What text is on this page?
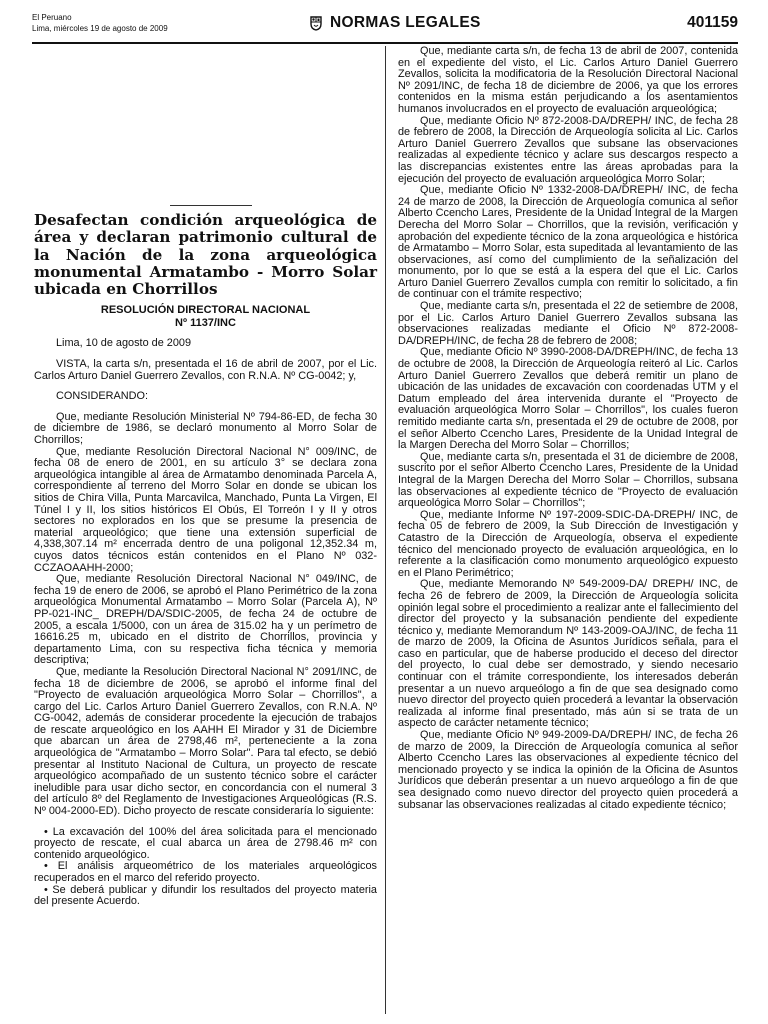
El Peruano
Lima, miércoles 19 de agosto de 2009	NORMAS LEGALES	401159
Desafectan condición arqueológica de área y declaran patrimonio cultural de la Nación de la zona arqueológica monumental Armatambo - Morro Solar ubicada en Chorrillos
RESOLUCIÓN DIRECTORAL NACIONAL
Nº 1137/INC

Lima, 10 de agosto de 2009

VISTA, la carta s/n, presentada el 16 de abril de 2007, por el Lic. Carlos Arturo Daniel Guerrero Zevallos, con R.N.A. Nº CG-0042; y,

CONSIDERANDO:

Que, mediante Resolución Ministerial Nº 794-86-ED, de fecha 30 de diciembre de 1986, se declaró monumento al Morro Solar de Chorrillos;

Que, mediante Resolución Directoral Nacional N° 009/INC, de fecha 08 de enero de 2001, en su artículo 3° se declara zona arqueológica intangible al área de Armatambo denominada Parcela A, correspondiente al terreno del Morro Solar en donde se ubican los sitios de Chira Villa, Punta Marcavilca, Manchado, Punta La Virgen, El Túnel I y II, los sitios históricos El Obús, El Torreón I y II y otros sectores no explorados en los que se presume la presencia de material arqueológico; que tiene una extensión superficial de 4,338,307.14 m² encerrada dentro de una poligonal 12,352.34 m, cuyos datos técnicos están contenidos en el Plano Nº 032-CCZAOAAHH-2000;

Que, mediante Resolución Directoral Nacional N° 049/INC, de fecha 19 de enero de 2006, se aprobó el Plano Perimétrico de la zona arqueológica Monumental Armatambo – Morro Solar (Parcela A), Nº PP-021-INC_ DREPH/DA/SDIC-2005, de fecha 24 de octubre de 2005, a escala 1/5000, con un área de 315.02 ha y un perímetro de 16616.25 m, ubicado en el distrito de Chorrillos, provincia y departamento Lima, con su respectiva ficha técnica y memoria descriptiva;

Que, mediante la Resolución Directoral Nacional N° 2091/INC, de fecha 18 de diciembre de 2006, se aprobó el informe final del "Proyecto de evaluación arqueológica Morro Solar – Chorrillos", a cargo del Lic. Carlos Arturo Daniel Guerrero Zevallos, con R.N.A. Nº CG-0042, además de considerar procedente la ejecución de trabajos de rescate arqueológico en los AAHH El Mirador y 31 de Diciembre que abarcan un área de 2798,46 m², perteneciente a la zona arqueológica de "Armatambo – Morro Solar". Para tal efecto, se debió presentar al Instituto Nacional de Cultura, un proyecto de rescate arqueológico acompañado de un sustento técnico sobre el carácter ineludible para usar dicho sector, en concordancia con el numeral 3 del artículo 8º del Reglamento de Investigaciones Arqueológicas (R.S. Nº 004-2000-ED). Dicho proyecto de rescate consideraría lo siguiente:

• La excavación del 100% del área solicitada para el mencionado proyecto de rescate, el cual abarca un área de 2798.46 m² con contenido arqueológico.

• El análisis arqueométrico de los materiales arqueológicos recuperados en el marco del referido proyecto.

• Se deberá publicar y difundir los resultados del proyecto materia del presente Acuerdo.

Que, mediante carta s/n, de fecha 13 de abril de 2007, contenida en el expediente del visto, el Lic. Carlos Arturo Daniel Guerrero Zevallos, solicita la modificatoria de la Resolución Directoral Nacional Nº 2091/INC, de fecha 18 de diciembre de 2006, ya que los errores contenidos en la misma están perjudicando a los asentamientos humanos involucrados en el proyecto de evaluación arqueológica;

Que, mediante Oficio Nº 872-2008-DA/DREPH/ INC, de fecha 28 de febrero de 2008, la Dirección de Arqueología solicita al Lic. Carlos Arturo Daniel Guerrero Zevallos que subsane las observaciones realizadas al expediente técnico y aclare sus descargos respecto a las discrepancias existentes entre las áreas aprobadas para la ejecución del proyecto de evaluación arqueológica Morro Solar;

Que, mediante Oficio Nº 1332-2008-DA/DREPH/ INC, de fecha 24 de marzo de 2008, la Dirección de Arqueología comunica al señor Alberto Ccencho Lares, Presidente de la Unidad Integral de la Margen Derecha del Morro Solar – Chorrillos, que la revisión, verificación y aprobación del expediente técnico de la zona arqueológica e histórica de Armatambo – Morro Solar, esta supeditada al levantamiento de las observaciones, así como del cumplimiento de la señalización del monumento, por lo que se está a la espera del que el Lic. Carlos Arturo Daniel Guerrero Zevallos cumpla con remitir lo solicitado, a fin de continuar con el trámite respectivo;

Que, mediante carta s/n, presentada el 22 de setiembre de 2008, por el Lic. Carlos Arturo Daniel Guerrero Zevallos subsana las observaciones realizadas mediante el Oficio Nº 872-2008-DA/DREPH/INC, de fecha 28 de febrero de 2008;

Que, mediante Oficio Nº 3990-2008-DA/DREPH/INC, de fecha 13 de octubre de 2008, la Dirección de Arqueología reiteró al Lic. Carlos Arturo Daniel Guerrero Zevallos que deberá remitir un plano de ubicación de las unidades de excavación con coordenadas UTM y el Datum empleado del área intervenida durante el "Proyecto de evaluación arqueológica Morro Solar – Chorrillos", los cuales fueron remitido mediante carta s/n, presentada el 29 de octubre de 2008, por el señor Alberto Ccencho Lares, Presidente de la Unidad Integral de la Margen Derecha del Morro Solar – Chorrillos;

Que, mediante carta s/n, presentada el 31 de diciembre de 2008, suscrito por el señor Alberto Ccencho Lares, Presidente de la Unidad Integral de la Margen Derecha del Morro Solar – Chorrillos, subsana las observaciones al expediente técnico de "Proyecto de evaluación arqueológica Morro Solar – Chorrillos";

Que, mediante Informe Nº 197-2009-SDIC-DA-DREPH/ INC, de fecha 05 de febrero de 2009, la Sub Dirección de Investigación y Catastro de la Dirección de Arqueología, observa el expediente técnico del mencionado proyecto de evaluación arqueológica, en lo referente a la clasificación como monumento arqueológico expuesto en el Plano Perimétrico;

Que, mediante Memorando Nº 549-2009-DA/ DREPH/ INC, de fecha 26 de febrero de 2009, la Dirección de Arqueología solicita opinión legal sobre el procedimiento a realizar ante el fallecimiento del director del proyecto y la subsanación pendiente del expediente técnico y, mediante Memorandum Nº 143-2009-OAJ/INC, de fecha 11 de marzo de 2009, la Oficina de Asuntos Jurídicos señala, para el caso en particular, que de haberse producido el deceso del director del proyecto, lo cual debe ser demostrado, y siendo necesario continuar con el trámite correspondiente, los interesados deberán presentar a un nuevo arqueólogo a fin de que sea designado como nuevo director del proyecto quien procederá a levantar la observación realizada al informe final presentado, más aún si se trata de un aspecto de carácter netamente técnico;

Que, mediante Oficio Nº 949-2009-DA/DREPH/ INC, de fecha 26 de marzo de 2009, la Dirección de Arqueología comunica al señor Alberto Ccencho Lares las observaciones al expediente técnico del mencionado proyecto y se indica la opinión de la Oficina de Asuntos Jurídicos que deberán presentar a un nuevo arqueólogo a fin de que sea designado como nuevo director del proyecto quien procederá a subsanar las observaciones realizadas al citado expediente técnico;
